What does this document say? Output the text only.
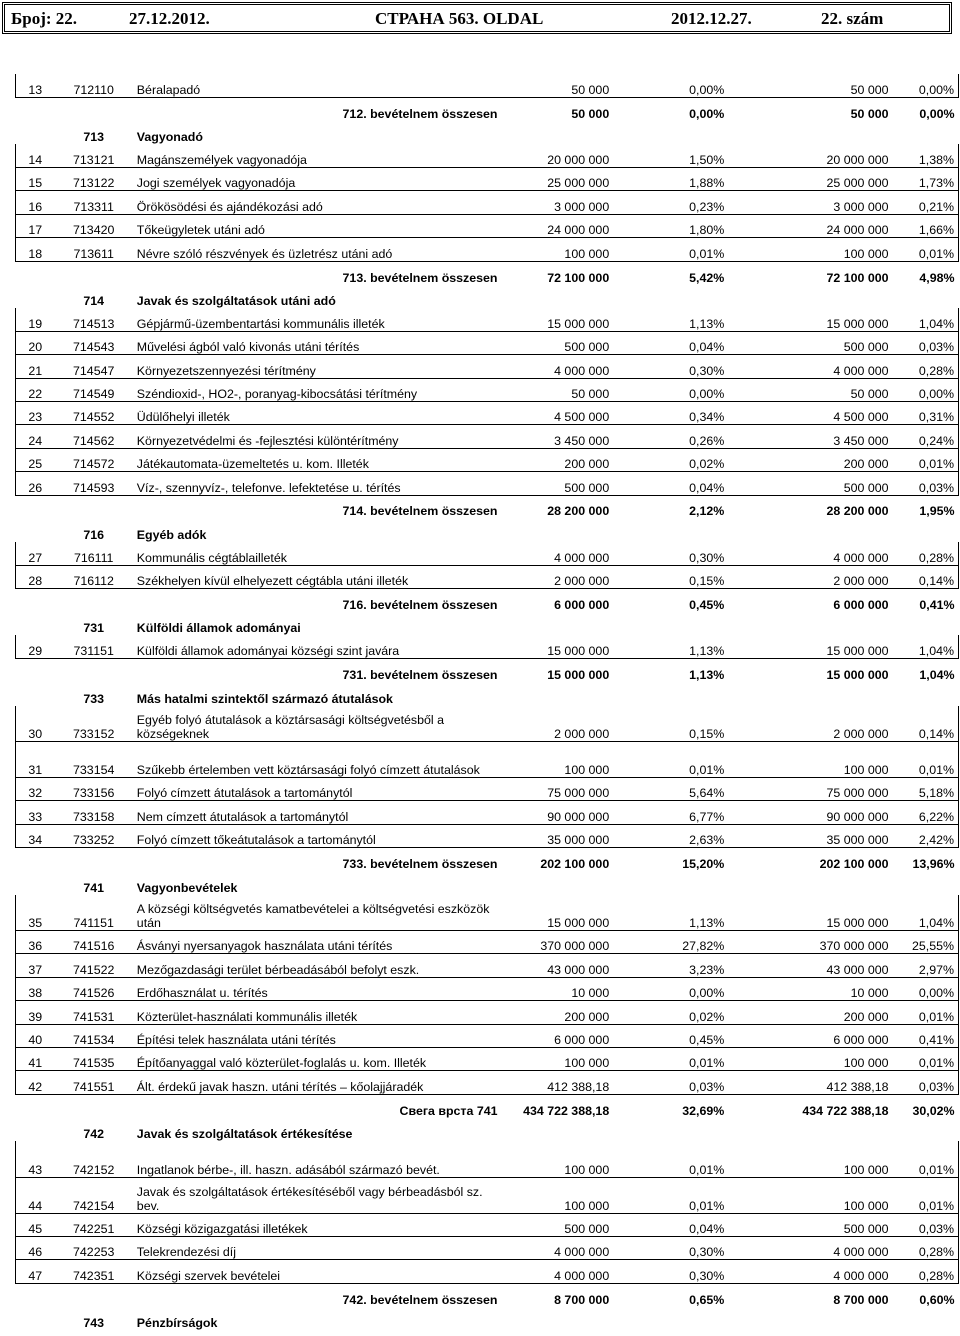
Број: 22.	27.12.2012.	СТРАНА 563. OLDAL	2012.12.27.	22. szám
13	712110	Béralapadó	50 000	0,00%	50 000	0,00%
712. bevételnem összesen			50 000	0,00%	50 000	0,00%
	713	Vagyonadó				
14	713121	Magánszemélyek vagyonadója	20 000 000	1,50%	20 000 000	1,38%
15	713122	Jogi személyek vagyonadója	25 000 000	1,88%	25 000 000	1,73%
16	713311	Örökösödési és ajándékozási adó	3 000 000	0,23%	3 000 000	0,21%
17	713420	Tőkeügyletek utáni adó	24 000 000	1,80%	24 000 000	1,66%
18	713611	Névre szóló részvények és üzletrész utáni adó	100 000	0,01%	100 000	0,01%
713. bevételnem összesen			72 100 000	5,42%	72 100 000	4,98%
	714	Javak és szolgáltatások utáni adó				
19	714513	Gépjármű-üzembentartási kommunális illeték	15 000 000	1,13%	15 000 000	1,04%
20	714543	Művelési ágból való kivonás utáni térítés	500 000	0,04%	500 000	0,03%
21	714547	Környezetszennyezési térítmény	4 000 000	0,30%	4 000 000	0,28%
22	714549	Széndioxid-, HO2-, poranyag-kibocsátási térítmény	50 000	0,00%	50 000	0,00%
23	714552	Üdülőhelyi illeték	4 500 000	0,34%	4 500 000	0,31%
24	714562	Környezetvédelmi és -fejlesztési különtérítmény	3 450 000	0,26%	3 450 000	0,24%
25	714572	Játékautomata-üzemeltetés u. kom. Illeték	200 000	0,02%	200 000	0,01%
26	714593	Víz-, szennyvíz-, telefonve. lefektetése u. térítés	500 000	0,04%	500 000	0,03%
714. bevételnem összesen			28 200 000	2,12%	28 200 000	1,95%
	716	Egyéb adók				
27	716111	Kommunális cégtáblailleték	4 000 000	0,30%	4 000 000	0,28%
28	716112	Székhelyen kívül elhelyezett cégtábla utáni illeték	2 000 000	0,15%	2 000 000	0,14%
716. bevételnem összesen			6 000 000	0,45%	6 000 000	0,41%
	731	Külföldi államok adományai				
29	731151	Külföldi államok adományai községi szint javára	15 000 000	1,13%	15 000 000	1,04%
731. bevételnem összesen			15 000 000	1,13%	15 000 000	1,04%
	733	Más hatalmi szintektől származó átutalások				
30	733152	Egyéb folyó átutalások a köztársasági költségvetésből a községeknek	2 000 000	0,15%	2 000 000	0,14%
31	733154	Szűkebb értelemben vett köztársasági folyó címzett átutalások	100 000	0,01%	100 000	0,01%
32	733156	Folyó címzett átutalások a tartománytól	75 000 000	5,64%	75 000 000	5,18%
33	733158	Nem címzett átutalások a tartománytól	90 000 000	6,77%	90 000 000	6,22%
34	733252	Folyó címzett tőkeátutalások a tartománytól	35 000 000	2,63%	35 000 000	2,42%
733. bevételnem összesen			202 100 000	15,20%	202 100 000	13,96%
	741	Vagyonbevételek				
35	741151	A községi költségvetés kamatbevételei a költségvetési eszközök után	15 000 000	1,13%	15 000 000	1,04%
36	741516	Ásványi nyersanyagok használata utáni térítés	370 000 000	27,82%	370 000 000	25,55%
37	741522	Mezőgazdasági terület bérbeadásából befolyt eszk.	43 000 000	3,23%	43 000 000	2,97%
38	741526	Erdőhasználat u. térítés	10 000	0,00%	10 000	0,00%
39	741531	Közterület-használati kommunális illeték	200 000	0,02%	200 000	0,01%
40	741534	Építési telek használata utáni térítés	6 000 000	0,45%	6 000 000	0,41%
41	741535	Építőanyaggal való közterület-foglalás u. kom. Illeték	100 000	0,01%	100 000	0,01%
42	741551	Ált. érdekű javak haszn. utáni térítés – kőolajjáradék	412 388,18	0,03%	412 388,18	0,03%
Свега врста 741			434 722 388,18	32,69%	434 722 388,18	30,02%
	742	Javak és szolgáltatások értékesítése				
43	742152	Ingatlanok bérbe-, ill. haszn. adásából származó bevét.	100 000	0,01%	100 000	0,01%
44	742154	Javak és szolgáltatások értékesítéséből vagy bérbeadásból sz. bev.	100 000	0,01%	100 000	0,01%
45	742251	Községi közigazgatási illetékek	500 000	0,04%	500 000	0,03%
46	742253	Telekrendezési díj	4 000 000	0,30%	4 000 000	0,28%
47	742351	Községi szervek bevételei	4 000 000	0,30%	4 000 000	0,28%
742. bevételnem összesen			8 700 000	0,65%	8 700 000	0,60%
	743	Pénzbírságok				
